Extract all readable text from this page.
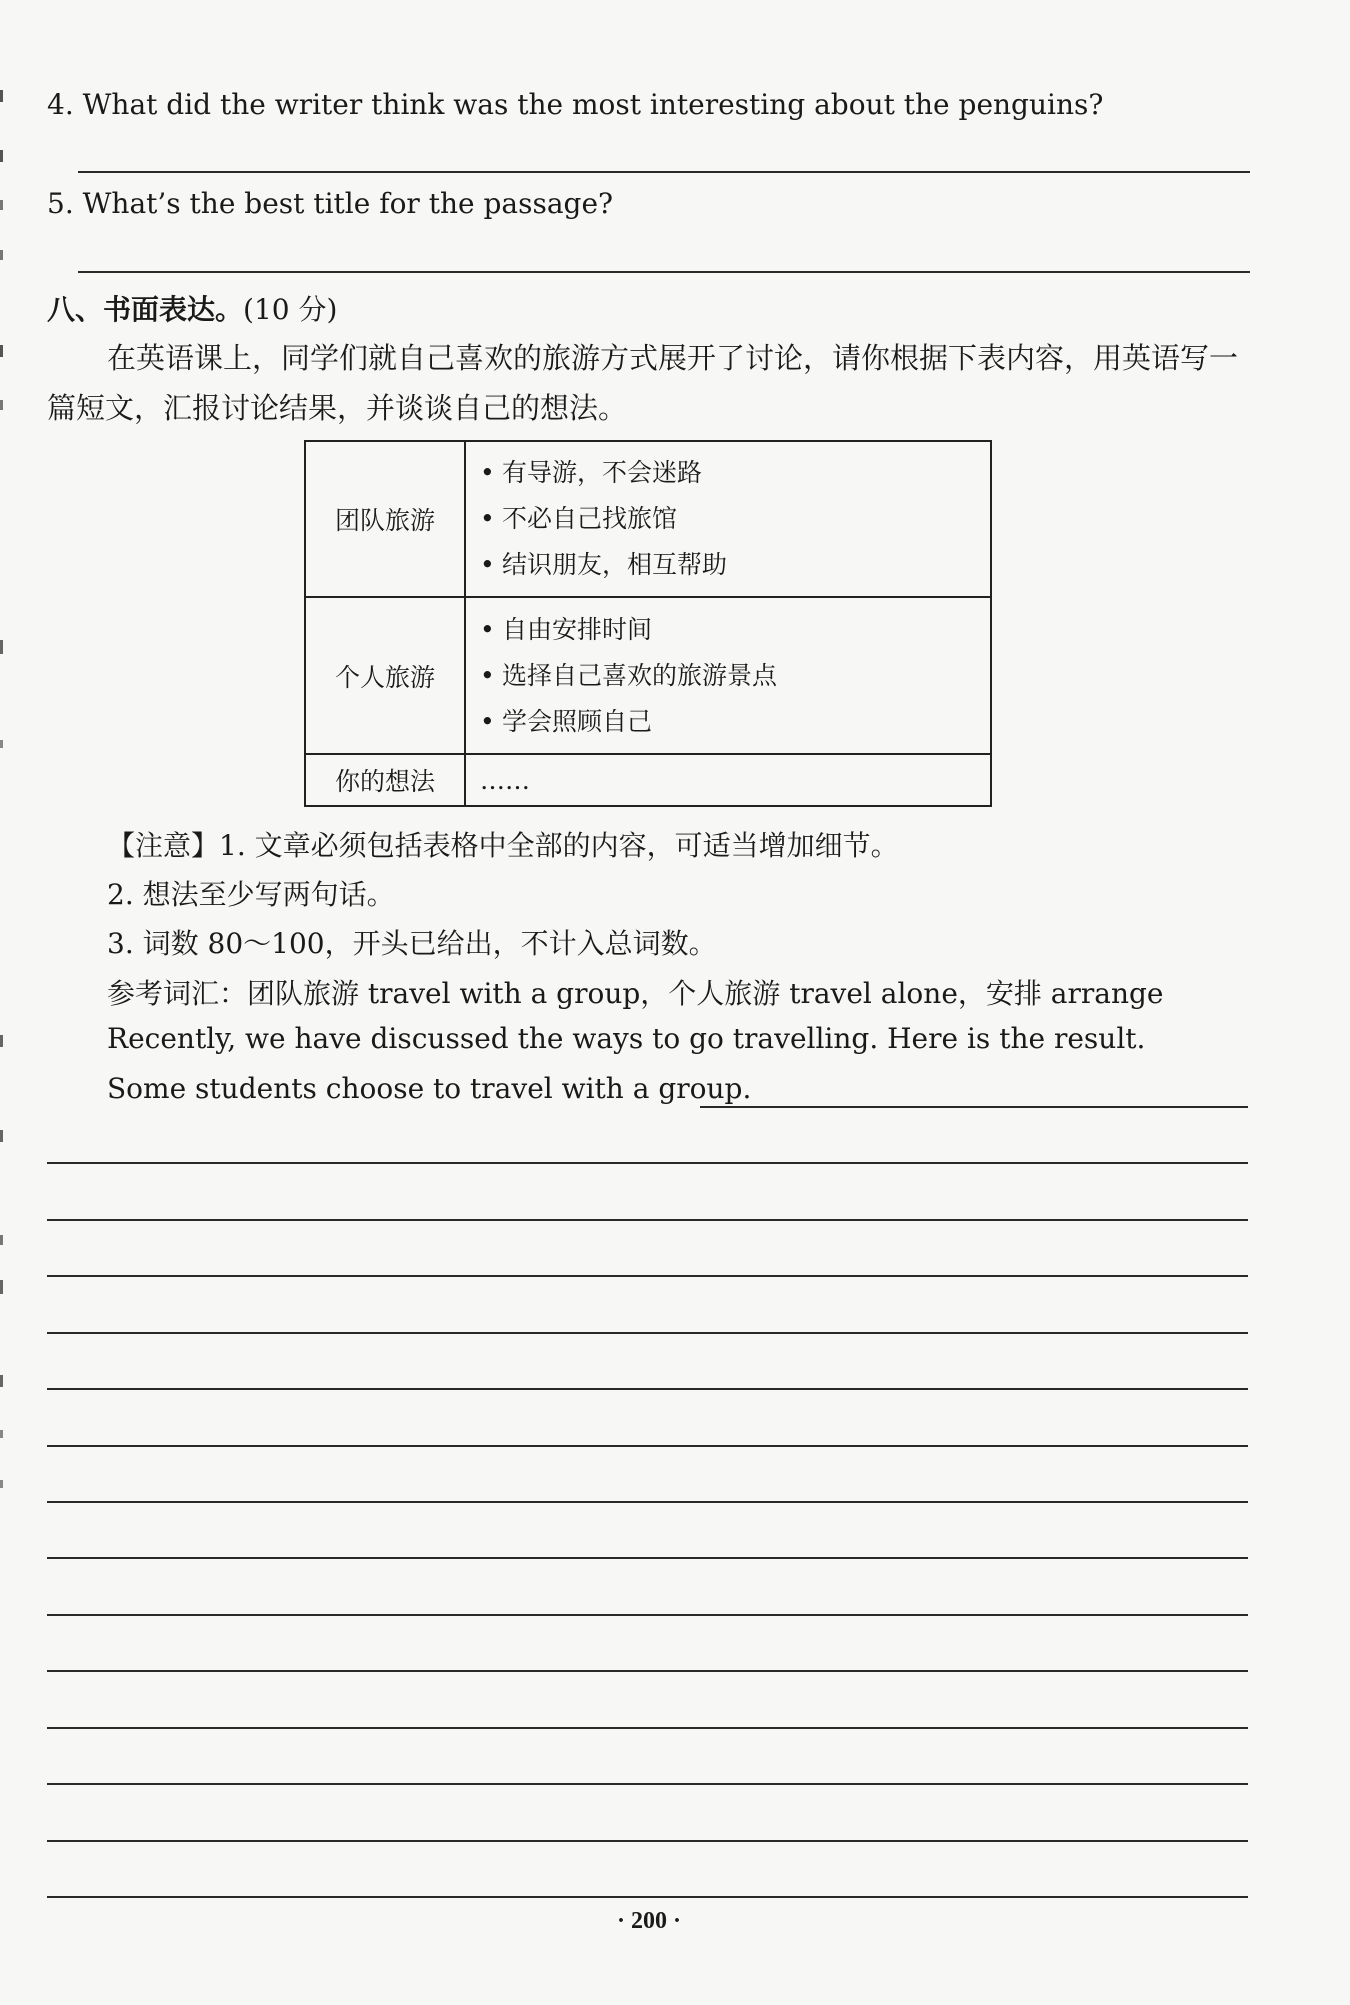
4. What did the writer think was the most interesting about the penguins?
5. What’s the best title for the passage?
八、书面表达。(10 分)
在英语课上，同学们就自己喜欢的旅游方式展开了讨论，请你根据下表内容，用英语写一
篇短文，汇报讨论结果，并谈谈自己的想法。
团队旅游	• 有导游，不会迷路
• 不必自己找旅馆
• 结识朋友，相互帮助

个人旅游	• 自由安排时间
• 选择自己喜欢的旅游景点
• 学会照顾自己

你的想法	……
【注意】1. 文章必须包括表格中全部的内容，可适当增加细节。
2. 想法至少写两句话。
3. 词数 80～100，开头已给出，不计入总词数。
参考词汇：团队旅游 travel with a group，个人旅游 travel alone，安排 arrange
Recently, we have discussed the ways to go travelling. Here is the result.
Some students choose to travel with a group.
· 200 ·
